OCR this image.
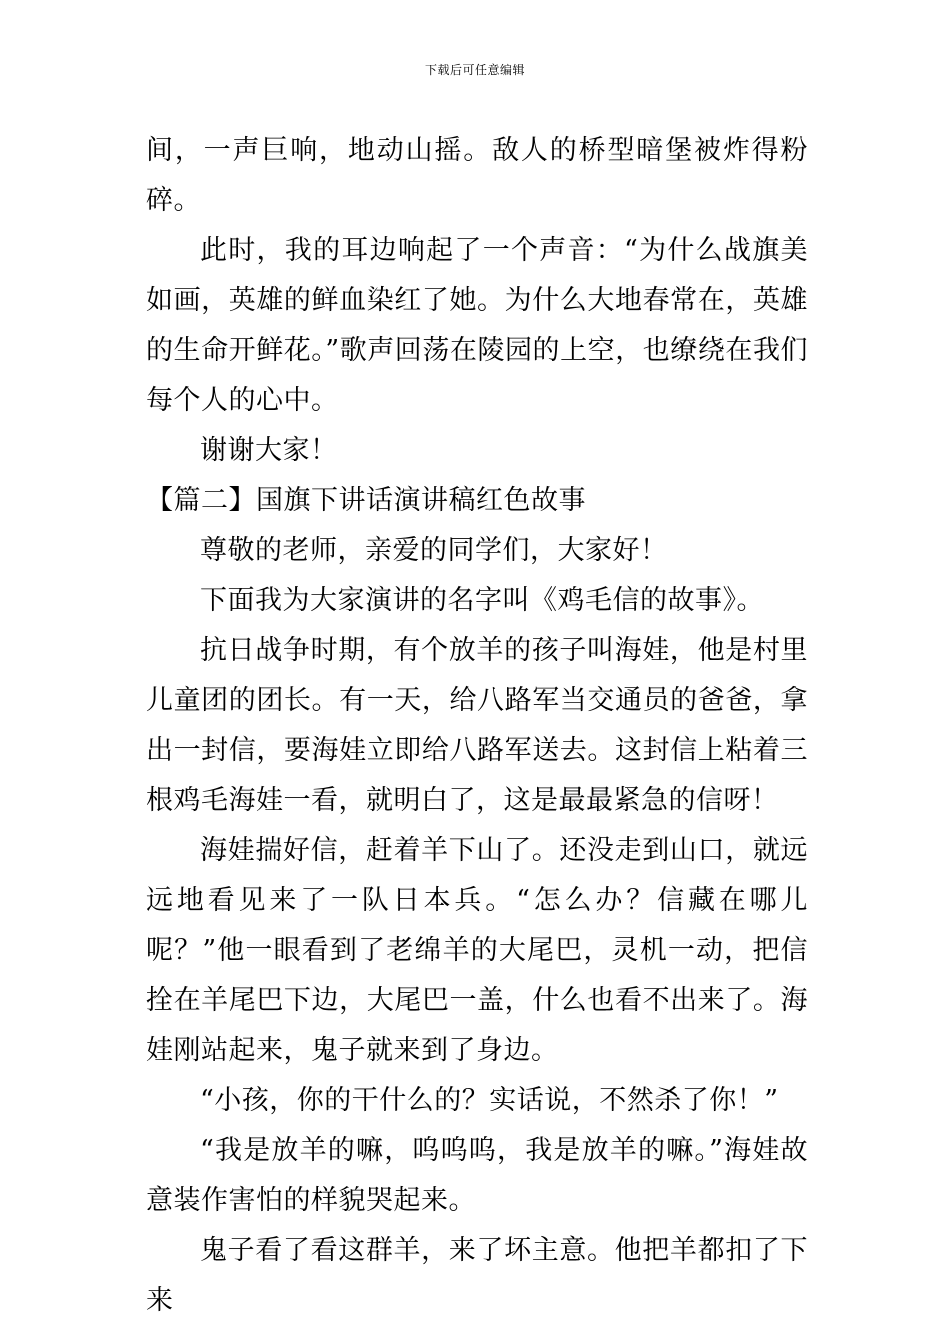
下载后可任意编辑

间，一声巨响，地动山摇。敌人的桥型暗堡被炸得粉碎。

此时，我的耳边响起了一个声音：“为什么战旗美如画，英雄的鲜血染红了她。为什么大地春常在，英雄的生命开鲜花。”歌声回荡在陵园的上空，也缭绕在我们每个人的心中。

谢谢大家！

【篇二】国旗下讲话演讲稿红色故事

尊敬的老师，亲爱的同学们，大家好！

下面我为大家演讲的名字叫《鸡毛信的故事》。

抗日战争时期，有个放羊的孩子叫海娃，他是村里儿童团的团长。有一天，给八路军当交通员的爸爸，拿出一封信，要海娃立即给八路军送去。这封信上粘着三根鸡毛海娃一看，就明白了，这是最最紧急的信呀！

海娃揣好信，赶着羊下山了。还没走到山口，就远远地看见来了一队日本兵。“怎么办？信藏在哪儿呢？”他一眼看到了老绵羊的大尾巴，灵机一动，把信拴在羊尾巴下边，大尾巴一盖，什么也看不出来了。海娃刚站起来，鬼子就来到了身边。

“小孩，你的干什么的？实话说，不然杀了你！”

“我是放羊的嘛，呜呜呜，我是放羊的嘛。”海娃故意装作害怕的样貌哭起来。

鬼子看了看这群羊，来了坏主意。他把羊都扣了下来
